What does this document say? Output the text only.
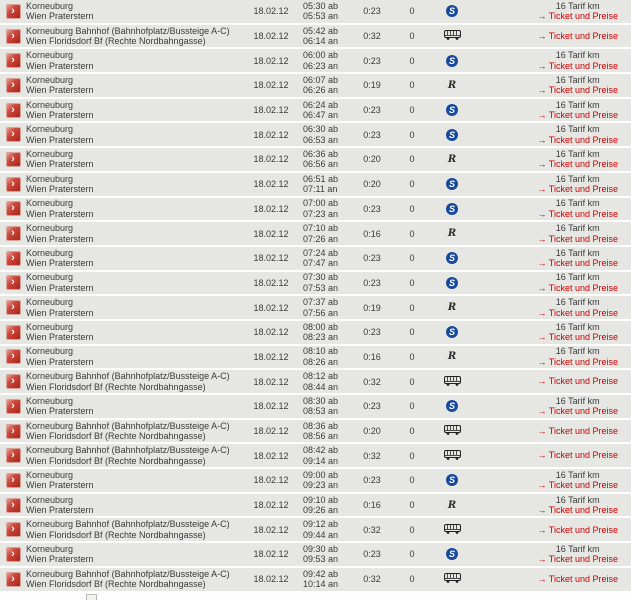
› Korneuburg
Wien Praterstern	18.02.12
05:30 ab
05:53 an	0:23	0	S
16 Tarif km
→ Ticket und Preise
› Korneuburg Bahnhof (Bahnhofplatz/Bussteige A-C)
Wien Floridsdorf Bf (Rechte Nordbahngasse)	18.02.12
05:42 ab
06:14 an	0:32	0	→ Ticket und Preise
› Korneuburg
Wien Praterstern	18.02.12
06:00 ab
06:23 an	0:23	0	S
16 Tarif km
→ Ticket und Preise
› Korneuburg
Wien Praterstern	18.02.12
06:07 ab
06:26 an	0:19	0	R	16 Tarif km
→ Ticket und Preise
› Korneuburg
Wien Praterstern	18.02.12
06:24 ab
06:47 an	0:23	0	S
16 Tarif km
→ Ticket und Preise
› Korneuburg
Wien Praterstern	18.02.12
06:30 ab
06:53 an	0:23	0	S
16 Tarif km
→ Ticket und Preise
› Korneuburg
Wien Praterstern	18.02.12
06:36 ab
06:56 an	0:20	0	R	16 Tarif km
→ Ticket und Preise
› Korneuburg
Wien Praterstern	18.02.12
06:51 ab
07:11 an	0:20	0	S
16 Tarif km
→ Ticket und Preise
› Korneuburg
Wien Praterstern	18.02.12
07:00 ab
07:23 an	0:23	0	S
16 Tarif km
→ Ticket und Preise
› Korneuburg
Wien Praterstern	18.02.12
07:10 ab
07:26 an	0:16	0	R	16 Tarif km
→ Ticket und Preise
› Korneuburg
Wien Praterstern	18.02.12
07:24 ab
07:47 an	0:23	0	S
16 Tarif km
→ Ticket und Preise
› Korneuburg
Wien Praterstern	18.02.12
07:30 ab
07:53 an	0:23	0	S
16 Tarif km
→ Ticket und Preise
› Korneuburg
Wien Praterstern	18.02.12
07:37 ab
07:56 an	0:19	0	R	16 Tarif km
→ Ticket und Preise
› Korneuburg
Wien Praterstern	18.02.12
08:00 ab
08:23 an	0:23	0	S
16 Tarif km
→ Ticket und Preise
› Korneuburg
Wien Praterstern	18.02.12
08:10 ab
08:26 an	0:16	0	R	16 Tarif km
→ Ticket und Preise
› Korneuburg Bahnhof (Bahnhofplatz/Bussteige A-C)
Wien Floridsdorf Bf (Rechte Nordbahngasse)	18.02.12
08:12 ab
08:44 an	0:32	0	→ Ticket und Preise
› Korneuburg
Wien Praterstern	18.02.12
08:30 ab
08:53 an	0:23	0	S
16 Tarif km
→ Ticket und Preise
› Korneuburg Bahnhof (Bahnhofplatz/Bussteige A-C)
Wien Floridsdorf Bf (Rechte Nordbahngasse)	18.02.12
08:36 ab
08:56 an	0:20	0	→ Ticket und Preise
› Korneuburg Bahnhof (Bahnhofplatz/Bussteige A-C)
Wien Floridsdorf Bf (Rechte Nordbahngasse)	18.02.12
08:42 ab
09:14 an	0:32	0	→ Ticket und Preise
› Korneuburg
Wien Praterstern	18.02.12
09:00 ab
09:23 an	0:23	0	S
16 Tarif km
→ Ticket und Preise
› Korneuburg
Wien Praterstern	18.02.12
09:10 ab
09:26 an	0:16	0	R	16 Tarif km
→ Ticket und Preise
› Korneuburg Bahnhof (Bahnhofplatz/Bussteige A-C)
Wien Floridsdorf Bf (Rechte Nordbahngasse)	18.02.12
09:12 ab
09:44 an	0:32	0	→ Ticket und Preise
› Korneuburg
Wien Praterstern	18.02.12
09:30 ab
09:53 an	0:23	0	S
16 Tarif km
→ Ticket und Preise
› Korneuburg Bahnhof (Bahnhofplatz/Bussteige A-C)
Wien Floridsdorf Bf (Rechte Nordbahngasse)	18.02.12
09:42 ab
10:14 an	0:32	0	→ Ticket und Preise
